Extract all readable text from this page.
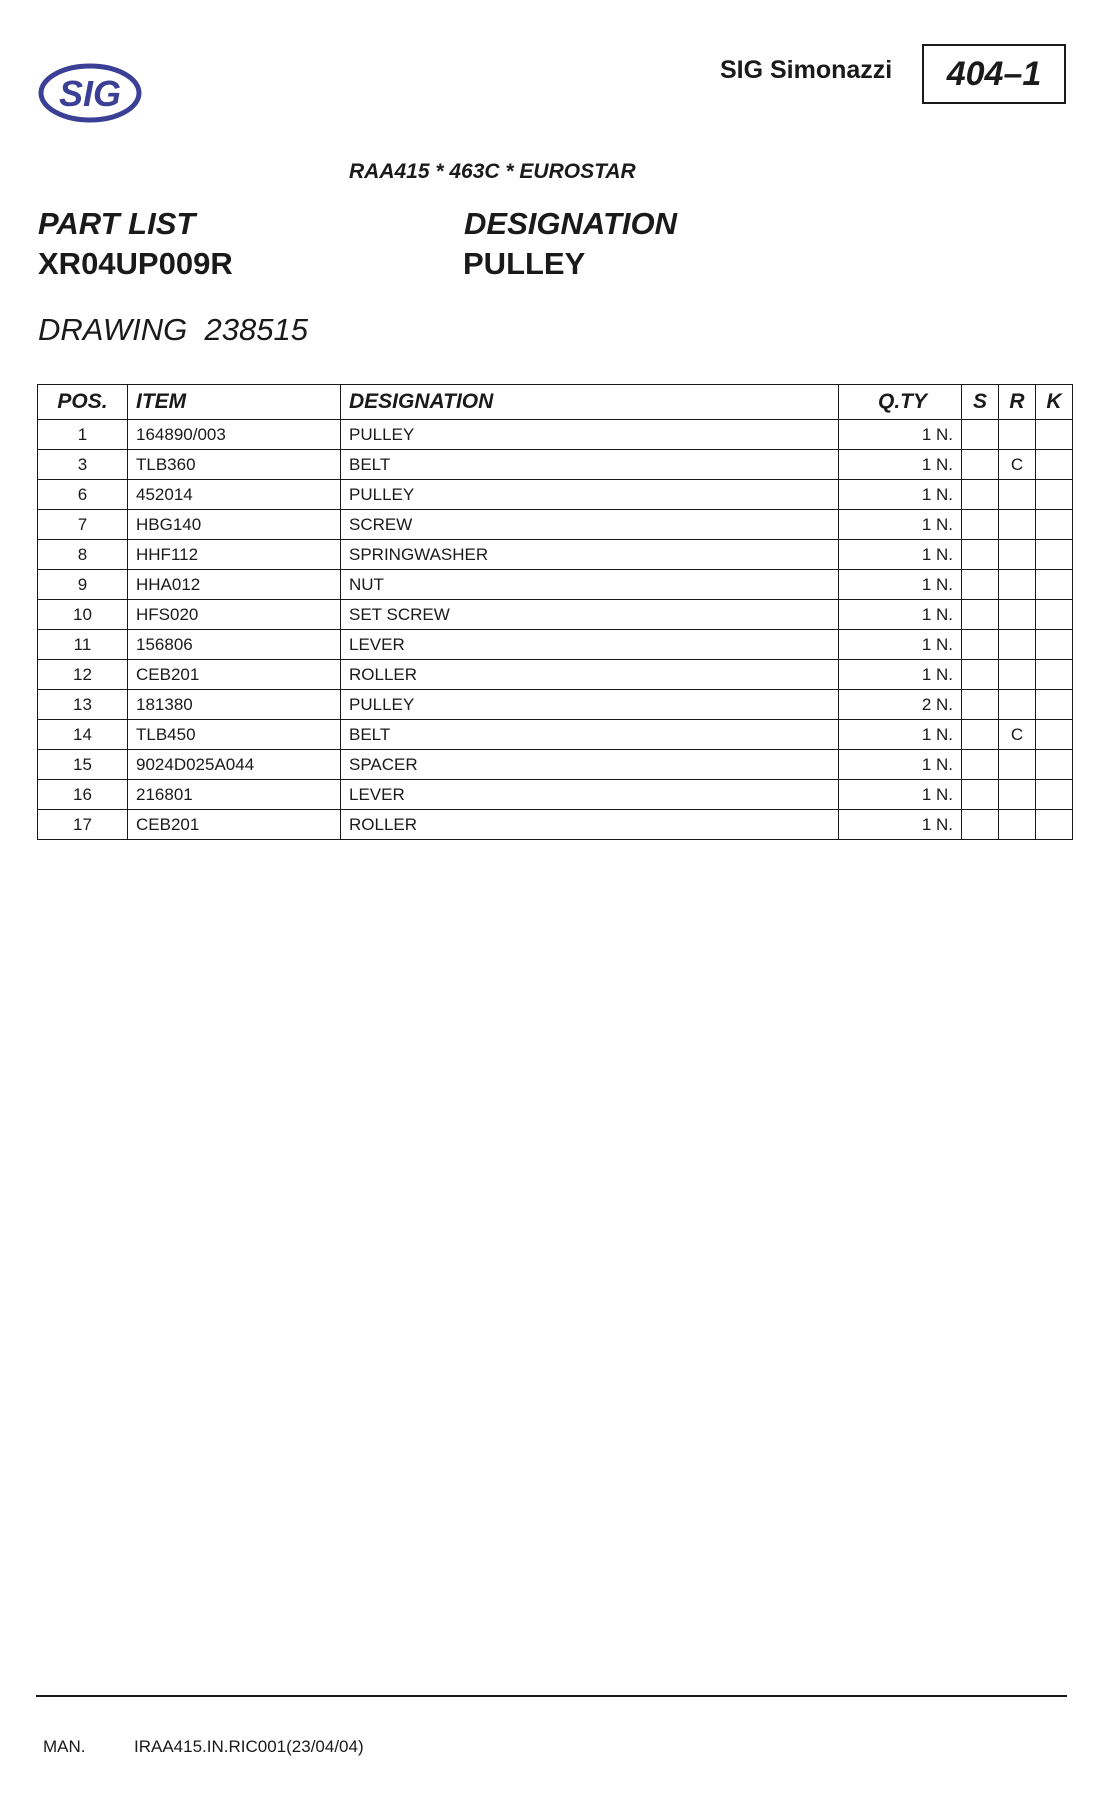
SIG
SIG Simonazzi	404–1
RAA415 * 463C * EUROSTAR
PART LIST	DESIGNATION
XR04UP009R	PULLEY
DRAWING 238515
POS.	ITEM	DESIGNATION	Q.TY	S	R	K
1	164890/003	PULLEY	1 N.			
3	TLB360	BELT	1 N.		C	
6	452014	PULLEY	1 N.			
7	HBG140	SCREW	1 N.			
8	HHF112	SPRINGWASHER	1 N.			
9	HHA012	NUT	1 N.			
10	HFS020	SET SCREW	1 N.			
11	156806	LEVER	1 N.			
12	CEB201	ROLLER	1 N.			
13	181380	PULLEY	2 N.			
14	TLB450	BELT	1 N.		C	
15	9024D025A044	SPACER	1 N.			
16	216801	LEVER	1 N.			
17	CEB201	ROLLER	1 N.			
MAN.	IRAA415.IN.RIC001(23/04/04)
